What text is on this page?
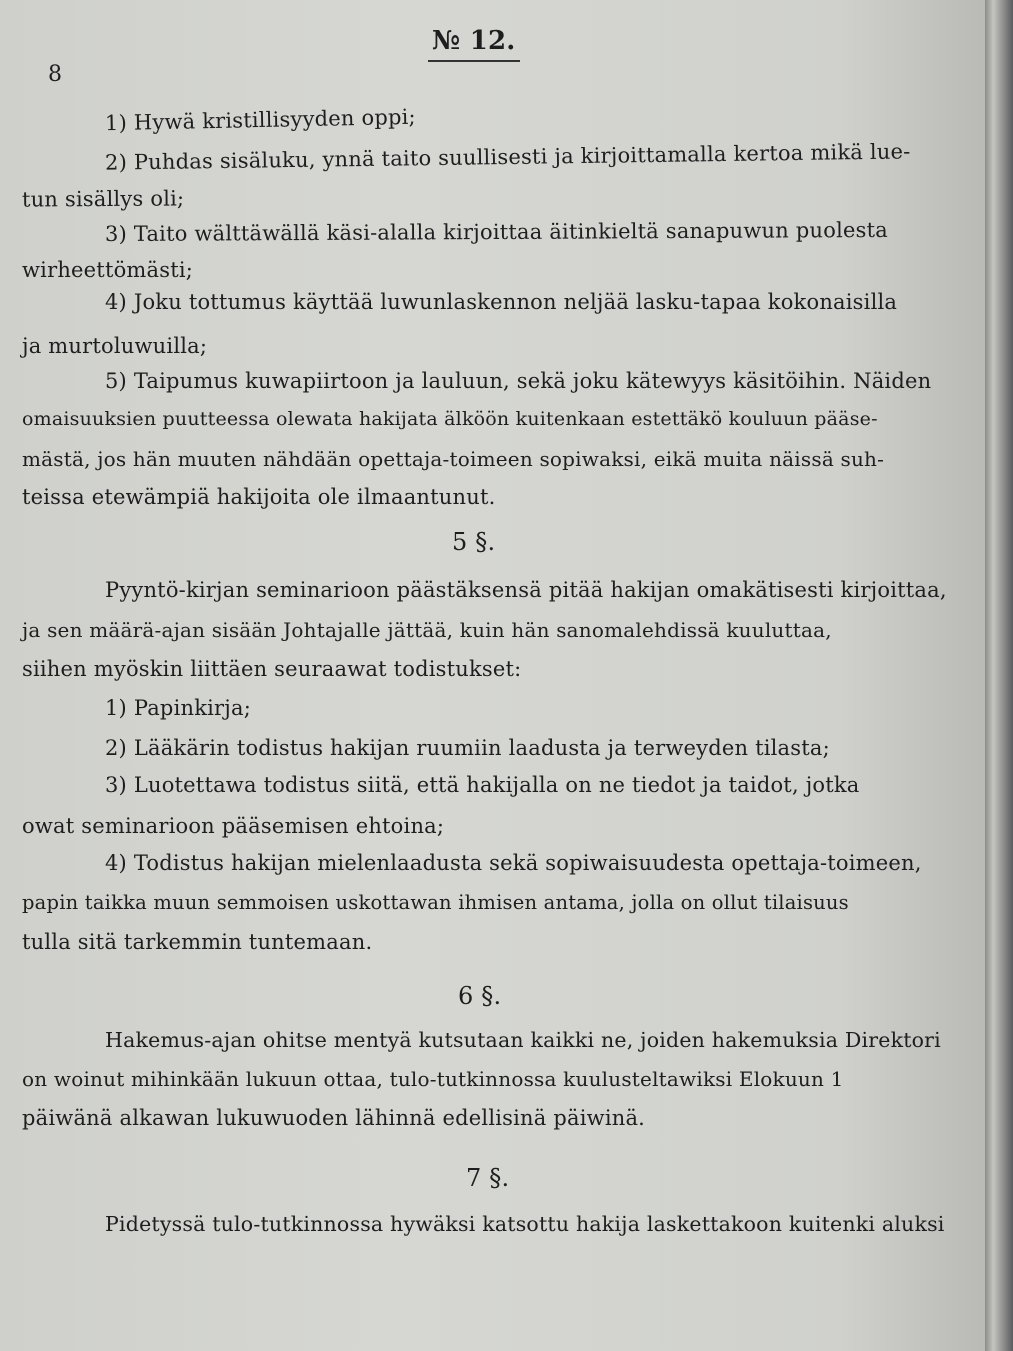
8
№ 12.
1) Hywä kristillisyyden oppi;
2) Puhdas sisäluku, ynnä taito suullisesti ja kirjoittamalla kertoa mikä lue-
tun sisällys oli;
3) Taito wälttäwällä käsi-alalla kirjoittaa äitinkieltä sanapuwun puolesta
wirheettömästi;
4) Joku tottumus käyttää luwunlaskennon neljää lasku-tapaa kokonaisilla
ja murtoluwuilla;
5) Taipumus kuwapiirtoon ja lauluun, sekä joku kätewyys käsitöihin. Näiden
omaisuuksien puutteessa olewata hakijata älköön kuitenkaan estettäkö kouluun pääse-
mästä, jos hän muuten nähdään opettaja-toimeen sopiwaksi, eikä muita näissä suh-
teissa etewämpiä hakijoita ole ilmaantunut.
5 §.
Pyyntö-kirjan seminarioon päästäksensä pitää hakijan omakätisesti kirjoittaa,
ja sen määrä-ajan sisään Johtajalle jättää, kuin hän sanomalehdissä kuuluttaa,
siihen myöskin liittäen seuraawat todistukset:
1) Papinkirja;
2) Lääkärin todistus hakijan ruumiin laadusta ja terweyden tilasta;
3) Luotettawa todistus siitä, että hakijalla on ne tiedot ja taidot, jotka
owat seminarioon pääsemisen ehtoina;
4) Todistus hakijan mielenlaadusta sekä sopiwaisuudesta opettaja-toimeen,
papin taikka muun semmoisen uskottawan ihmisen antama, jolla on ollut tilaisuus
tulla sitä tarkemmin tuntemaan.
6 §.
Hakemus-ajan ohitse mentyä kutsutaan kaikki ne, joiden hakemuksia Direktori
on woinut mihinkään lukuun ottaa, tulo-tutkinnossa kuulusteltawiksi Elokuun 1
päiwänä alkawan lukuwuoden lähinnä edellisinä päiwinä.
7 §.
Pidetyssä tulo-tutkinnossa hywäksi katsottu hakija laskettakoon kuitenki aluksi
